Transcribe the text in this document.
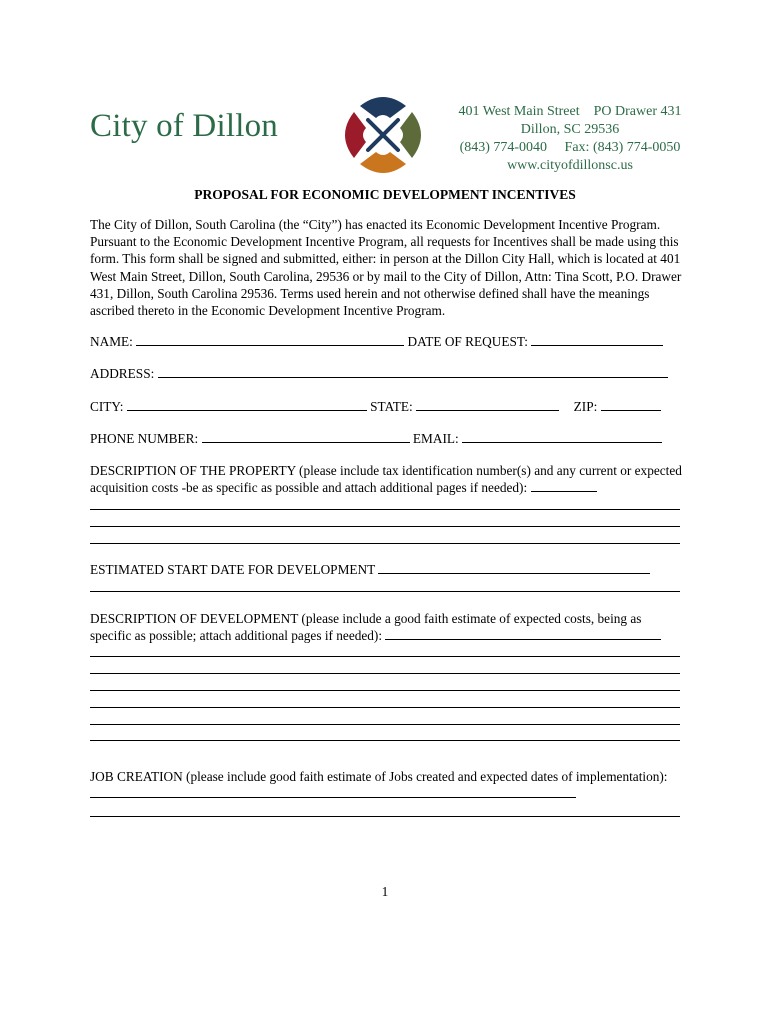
City of Dillon	401 West Main Street    PO Drawer 431
Dillon, SC 29536
(843) 774-0040     Fax: (843) 774-0050
www.cityofdillonsc.us
PROPOSAL FOR ECONOMIC DEVELOPMENT INCENTIVES

The City of Dillon, South Carolina (the “City”) has enacted its Economic Development Incentive Program. Pursuant to the Economic Development Incentive Program, all requests for Incentives shall be made using this form. This form shall be signed and submitted, either: in person at the Dillon City Hall, which is located at 401 West Main Street, Dillon, South Carolina, 29536 or by mail to the City of Dillon, Attn: Tina Scott, P.O. Drawer 431, Dillon, South Carolina 29536. Terms used herein and not otherwise defined shall have the meanings ascribed thereto in the Economic Development Incentive Program.

NAME:	DATE OF REQUEST:
ADDRESS:
CITY:	STATE:	ZIP:
PHONE NUMBER:	EMAIL:

DESCRIPTION OF THE PROPERTY (please include tax identification number(s) and any current or expected acquisition costs -be as specific as possible and attach additional pages if needed):

ESTIMATED START DATE FOR DEVELOPMENT

DESCRIPTION OF DEVELOPMENT (please include a good faith estimate of expected costs, being as specific as possible; attach additional pages if needed):

JOB CREATION (please include good faith estimate of Jobs created and expected dates of implementation):

1
